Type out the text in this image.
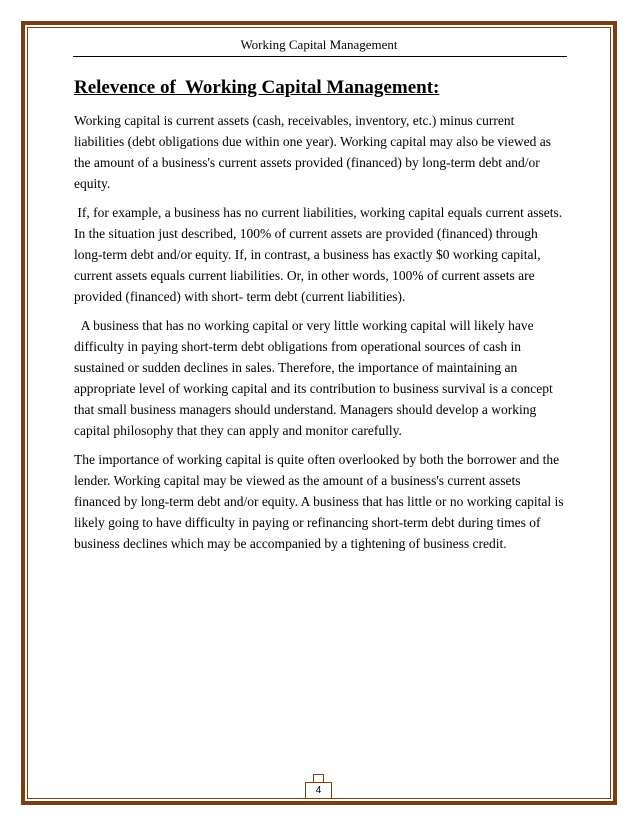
Working Capital Management
Relevence of  Working Capital Management:

Working capital is current assets (cash, receivables, inventory, etc.) minus current liabilities (debt obligations due within one year). Working capital may also be viewed as the amount of a business's current assets provided (financed) by long-term debt and/or equity.

If, for example, a business has no current liabilities, working capital equals current assets. In the situation just described, 100% of current assets are provided (financed) through long-term debt and/or equity. If, in contrast, a business has exactly $0 working capital, current assets equals current liabilities. Or, in other words, 100% of current assets are provided (financed) with short- term debt (current liabilities).

A business that has no working capital or very little working capital will likely have difficulty in paying short-term debt obligations from operational sources of cash in sustained or sudden declines in sales. Therefore, the importance of maintaining an appropriate level of working capital and its contribution to business survival is a concept that small business managers should understand. Managers should develop a working capital philosophy that they can apply and monitor carefully.

The importance of working capital is quite often overlooked by both the borrower and the lender. Working capital may be viewed as the amount of a business's current assets financed by long-term debt and/or equity. A business that has little or no working capital is likely going to have difficulty in paying or refinancing short-term debt during times of business declines which may be accompanied by a tightening of business credit.

4
